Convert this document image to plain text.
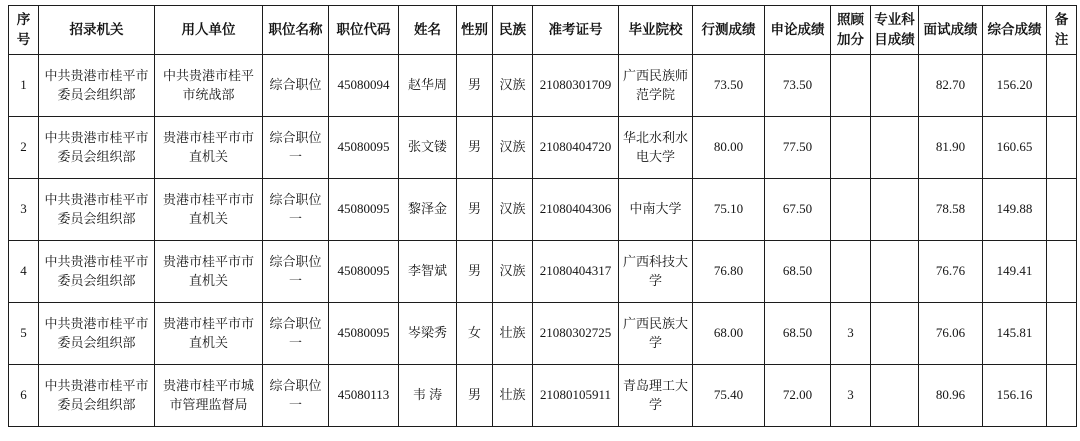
序号	招录机关	用人单位	职位名称	职位代码	姓名	性别	民族	准考证号	毕业院校	行测成绩	申论成绩	照顾加分	专业科目成绩	面试成绩	综合成绩	备注
1	中共贵港市桂平市委员会组织部	中共贵港市桂平市统战部	综合职位	45080094	赵华周	男	汉族	21080301709	广西民族师范学院	73.50	73.50			82.70	156.20	
2	中共贵港市桂平市委员会组织部	贵港市桂平市市直机关	综合职位一	45080095	张文镂	男	汉族	21080404720	华北水利水电大学	80.00	77.50			81.90	160.65	
3	中共贵港市桂平市委员会组织部	贵港市桂平市市直机关	综合职位一	45080095	黎泽金	男	汉族	21080404306	中南大学	75.10	67.50			78.58	149.88	
4	中共贵港市桂平市委员会组织部	贵港市桂平市市直机关	综合职位一	45080095	李智斌	男	汉族	21080404317	广西科技大学	76.80	68.50			76.76	149.41	
5	中共贵港市桂平市委员会组织部	贵港市桂平市市直机关	综合职位一	45080095	岑梁秀	女	壮族	21080302725	广西民族大学	68.00	68.50	3		76.06	145.81	
6	中共贵港市桂平市委员会组织部	贵港市桂平市城市管理监督局	综合职位一	45080113	韦 涛	男	壮族	21080105911	青岛理工大学	75.40	72.00	3		80.96	156.16	
